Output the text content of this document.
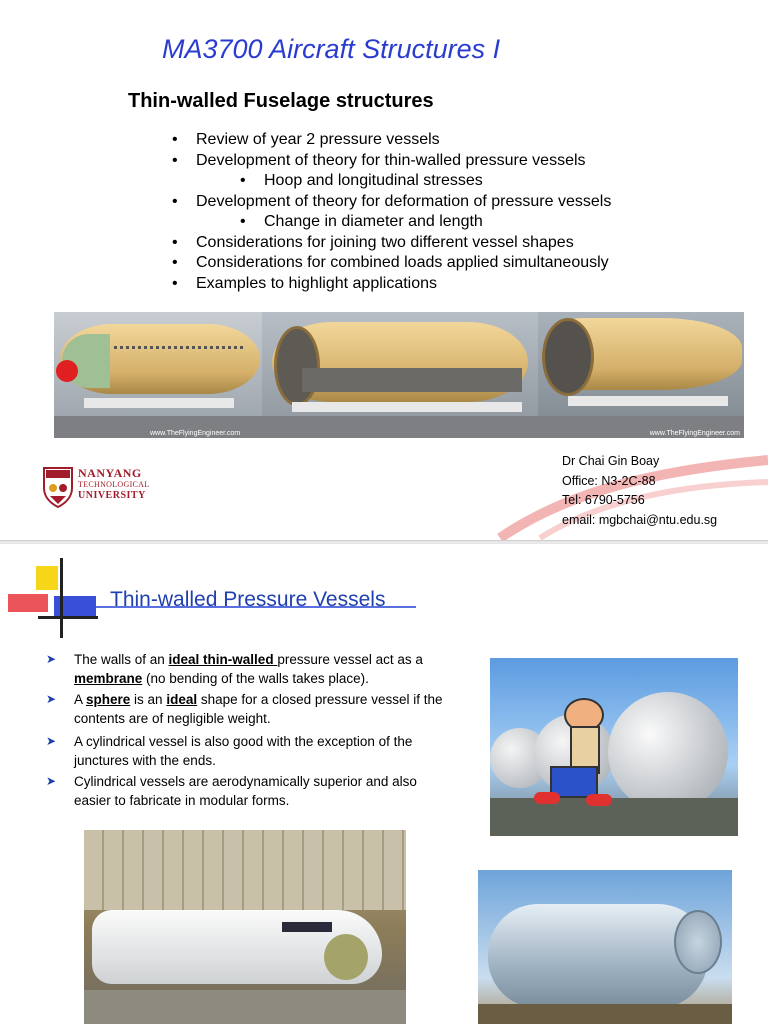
MA3700 Aircraft Structures I
Thin-walled Fuselage structures
• Review of year 2 pressure vessels
• Development of theory for thin-walled pressure vessels
• Hoop and longitudinal stresses
• Development of theory for deformation of pressure vessels
• Change in diameter and length
• Considerations for joining two different vessel shapes
• Considerations for combined loads applied simultaneously
• Examples to highlight applications
www.TheFlyingEngineer.com	www.TheFlyingEngineer.com
NANYANG
TECHNOLOGICAL
UNIVERSITY
Dr Chai Gin Boay
Office: N3-2C-88
Tel: 6790-5756
email: mgbchai@ntu.edu.sg
Thin-walled Pressure Vessels
➤ The walls of an ideal thin-walled pressure vessel act as a membrane (no bending of the walls takes place).
➤ A sphere is an ideal shape for a closed pressure vessel if the contents are of negligible weight.
➤ A cylindrical vessel is also good with the exception of the junctures with the ends.
➤ Cylindrical vessels are aerodynamically superior and also easier to fabricate in modular forms.
